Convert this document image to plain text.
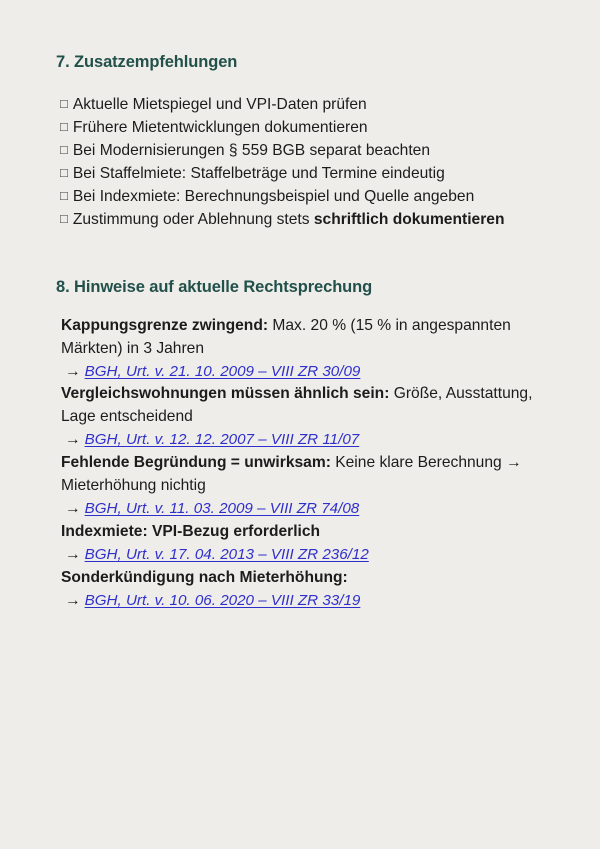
7. Zusatzempfehlungen
□ Aktuelle Mietspiegel und VPI-Daten prüfen
□ Frühere Mietentwicklungen dokumentieren
□ Bei Modernisierungen § 559 BGB separat beachten
□ Bei Staffelmiete: Staffelbeträge und Termine eindeutig
□ Bei Indexmiete: Berechnungsbeispiel und Quelle angeben
□ Zustimmung oder Ablehnung stets schriftlich dokumentieren
8. Hinweise auf aktuelle Rechtsprechung
Kappungsgrenze zwingend: Max. 20 % (15 % in angespannten Märkten) in 3 Jahren
→ BGH, Urt. v. 21. 10. 2009 – VIII ZR 30/09
Vergleichswohnungen müssen ähnlich sein: Größe, Ausstattung, Lage entscheidend
→ BGH, Urt. v. 12. 12. 2007 – VIII ZR 11/07
Fehlende Begründung = unwirksam: Keine klare Berechnung → Mieterhöhung nichtig
→ BGH, Urt. v. 11. 03. 2009 – VIII ZR 74/08
Indexmiete: VPI-Bezug erforderlich
→ BGH, Urt. v. 17. 04. 2013 – VIII ZR 236/12
Sonderkündigung nach Mieterhöhung:
→ BGH, Urt. v. 10. 06. 2020 – VIII ZR 33/19
